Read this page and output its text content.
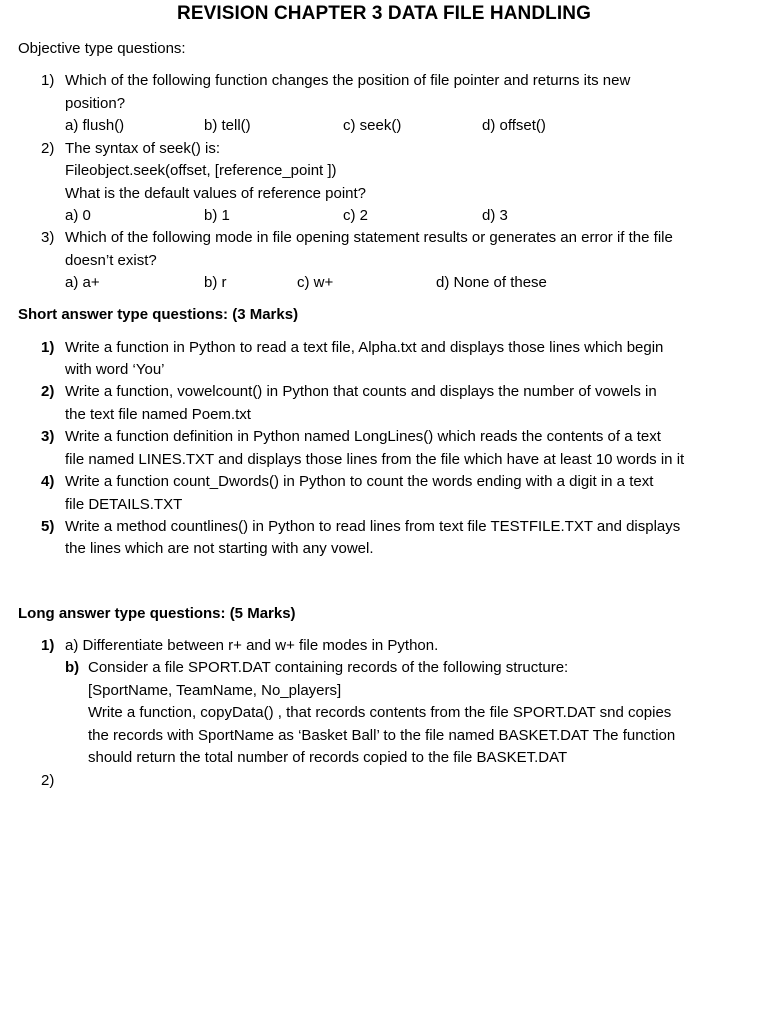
REVISION CHAPTER 3 DATA FILE HANDLING
Objective type questions:
1) Which of the following function changes the position of file pointer and returns its new
position?
a) flush()	b) tell()	c) seek()	d) offset()
2) The syntax of seek() is:
Fileobject.seek(offset, [reference_point ])
What is the default values of reference point?
a) 0	b) 1	c) 2	d) 3
3) Which of the following mode in file opening statement results or generates an error if the file
doesn’t exist?
a) a+	b) r	c) w+	d) None of these
Short answer type questions: (3 Marks)
1) Write a function in Python to read a text file, Alpha.txt and displays those lines which begin
with word ‘You’
2) Write a function, vowelcount() in Python that counts and displays the number of vowels in
the text file named Poem.txt
3) Write a function definition in Python named LongLines() which reads the contents of a text
file named LINES.TXT and displays those lines from the file which have at least 10 words in it
4) Write a function count_Dwords() in Python to count the words ending with a digit in a text
file DETAILS.TXT
5) Write a method countlines() in Python to read lines from text file TESTFILE.TXT and displays
the lines which are not starting with any vowel.
Long answer type questions: (5 Marks)
1) a) Differentiate between r+ and w+ file modes in Python.
b) Consider a file SPORT.DAT containing records of the following structure:
[SportName, TeamName, No_players]
Write a function, copyData() , that records contents from the file SPORT.DAT snd copies
the records with SportName as ‘Basket Ball’ to the file named BASKET.DAT The function
should return the total number of records copied to the file BASKET.DAT
2)
